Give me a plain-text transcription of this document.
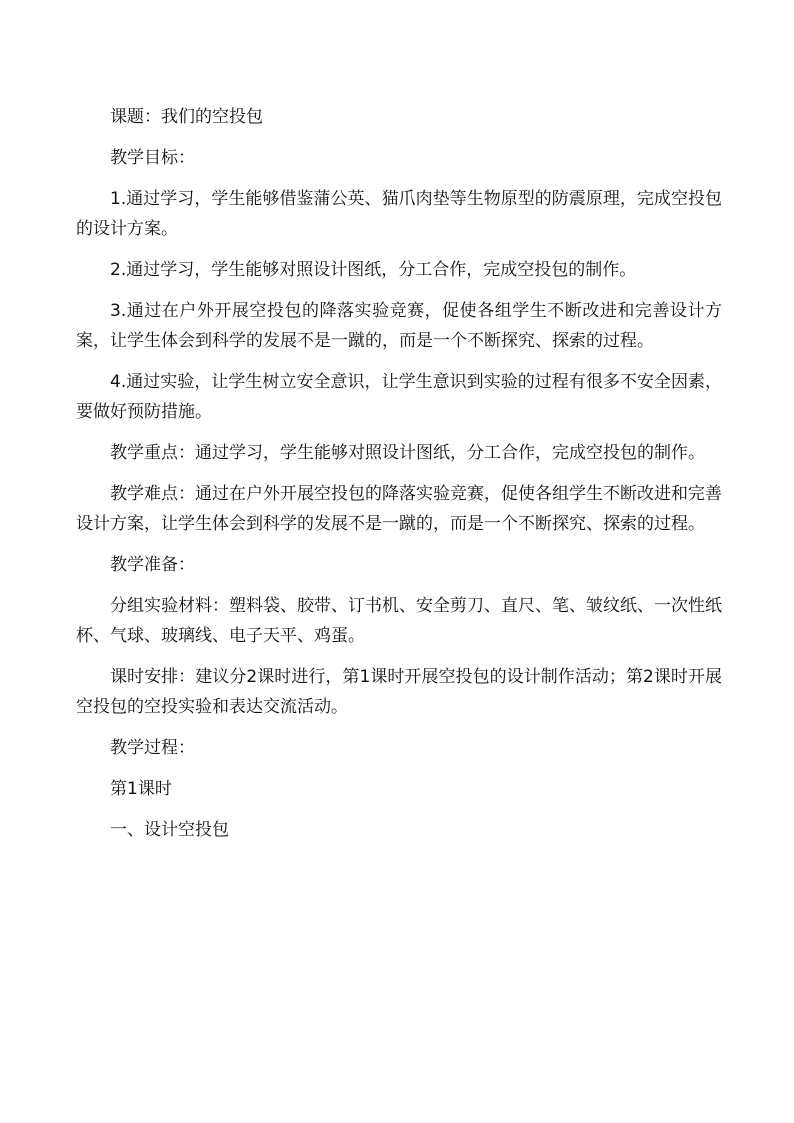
课题：我们的空投包

教学目标：

1.通过学习，学生能够借鉴蒲公英、猫爪肉垫等生物原型的防震原理，完成空投包的设计方案。

2.通过学习，学生能够对照设计图纸，分工合作，完成空投包的制作。

3.通过在户外开展空投包的降落实验竞赛，促使各组学生不断改进和完善设计方案，让学生体会到科学的发展不是一蹴的，而是一个不断探究、探索的过程。

4.通过实验，让学生树立安全意识，让学生意识到实验的过程有很多不安全因素，要做好预防措施。

教学重点：通过学习，学生能够对照设计图纸，分工合作，完成空投包的制作。

教学难点：通过在户外开展空投包的降落实验竞赛，促使各组学生不断改进和完善设计方案，让学生体会到科学的发展不是一蹴的，而是一个不断探究、探索的过程。

教学准备：

分组实验材料：塑料袋、胶带、订书机、安全剪刀、直尺、笔、皱纹纸、一次性纸杯、气球、玻璃线、电子天平、鸡蛋。

课时安排：建议分2课时进行，第1课时开展空投包的设计制作活动；第2课时开展空投包的空投实验和表达交流活动。

教学过程：

第1课时

一、设计空投包
